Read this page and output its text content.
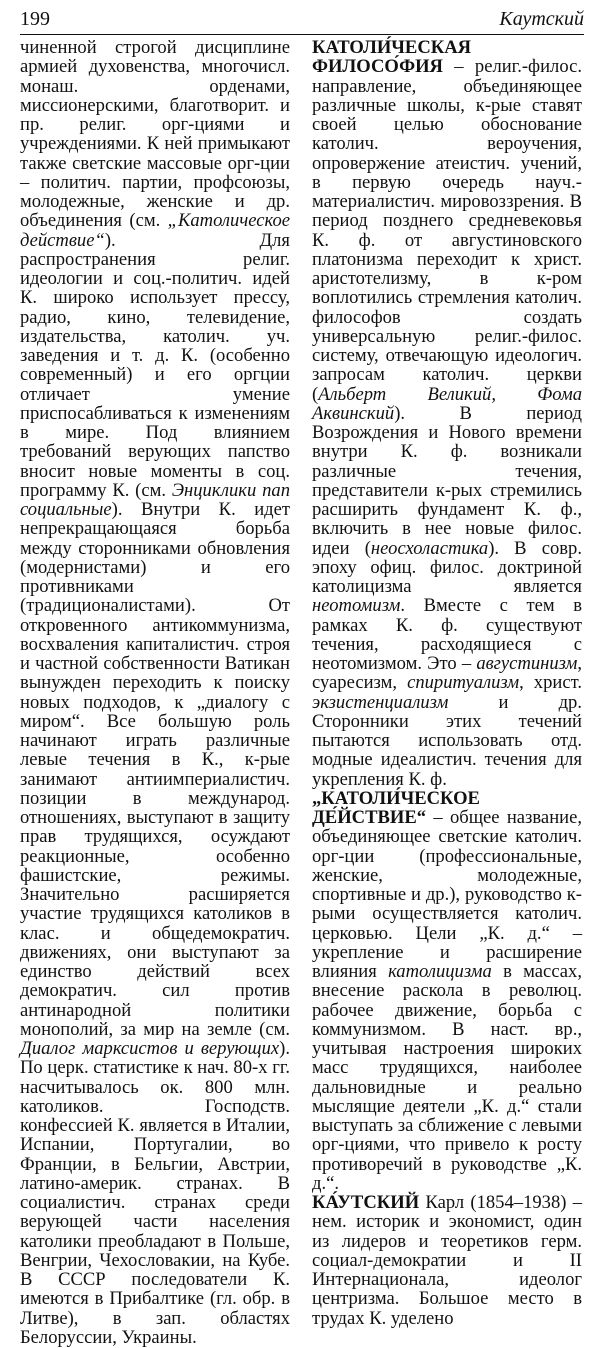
199	Каутский

чиненной строгой дисциплине армией духовенства, многочисл. монаш. орденами, миссионерскими, благотворит. и пр. религ. орг-циями и учреждениями. К ней примыкают также светские массовые орг-ции – политич. партии, профсоюзы, молодежные, женские и др. объединения (см. „Католическое действие“). Для распространения религ. идеологии и соц.-политич. идей К. широко использует прессу, радио, кино, телевидение, издательства, католич. уч. заведения и т. д. К. (особенно современный) и его оргции отличает умение приспосабливаться к изменениям в мире. Под влиянием требований верующих папство вносит новые моменты в соц. программу К. (см. Энциклики пап социальные). Внутри К. идет непрекращающаяся борьба между сторонниками обновления (модернистами) и его противниками (традиционалистами). От откровенного антикоммунизма, восхваления капиталистич. строя и частной собственности Ватикан вынужден переходить к поиску новых подходов, к „диалогу с миром“. Все большую роль начинают играть различные левые течения в К., к-рые занимают антиимпериалистич. позиции в международ. отношениях, выступают в защиту прав трудящихся, осуждают реакционные, особенно фашистские, режимы. Значительно расширяется участие трудящихся католиков в клас. и общедемократич. движениях, они выступают за единство действий всех демократич. сил против антинародной политики монополий, за мир на земле (см. Диалог марксистов и верующих). По церк. статистике к нач. 80-х гг. насчитывалось ок. 800 млн. католиков. Господств. конфессией К. является в Италии, Испании, Португалии, во Франции, в Бельгии, Австрии, латино-америк. странах. В социалистич. странах среди верующей части населения католики преобладают в Польше, Венгрии, Чехословакии, на Кубе. В СССР последователи К. имеются в Прибалтике (гл. обр. в Литве), в зап. областях Белоруссии, Украины.

КАТОЛИ́ЧЕСКАЯ ФИЛОСО́ФИЯ – религ.-филос. направление, объединяющее различные школы, к-рые ставят своей целью обоснование католич. вероучения, опровержение атеистич. учений, в первую очередь науч.-материалистич. мировоззрения. В период позднего средневековья К. ф. от августиновского платонизма переходит к христ. аристотелизму, в к-ром воплотились стремления католич. философов создать универсальную религ.-филос. систему, отвечающую идеологич. запросам католич. церкви (Альберт Великий, Фома Аквинский). В период Возрождения и Нового времени внутри К. ф. возникали различные течения, представители к-рых стремились расширить фундамент К. ф., включить в нее новые филос. идеи (неосхоластика). В совр. эпоху офиц. филос. доктриной католицизма является неотомизм. Вместе с тем в рамках К. ф. существуют течения, расходящиеся с неотомизмом. Это – августинизм, суаресизм, спиритуализм, христ. экзистенциализм и др. Сторонники этих течений пытаются использовать отд. модные идеалистич. течения для укрепления К. ф.

„КАТОЛИ́ЧЕСКОЕ ДЕ́ЙСТВИЕ“ – общее название, объединяющее светские католич. орг-ции (профессиональные, женские, молодежные, спортивные и др.), руководство к-рыми осуществляется католич. церковью. Цели „К. д.“ – укрепление и расширение влияния католицизма в массах, внесение раскола в революц. рабочее движение, борьба с коммунизмом. В наст. вр., учитывая настроения широких масс трудящихся, наиболее дальновидные и реально мыслящие деятели „К. д.“ стали выступать за сближение с левыми орг-циями, что привело к росту противоречий в руководстве „К. д.“.

КА́УТСКИЙ Карл (1854–1938) – нем. историк и экономист, один из лидеров и теоретиков герм. социал-демократии и II Интернационала, идеолог центризма. Большое место в трудах К. уделено
